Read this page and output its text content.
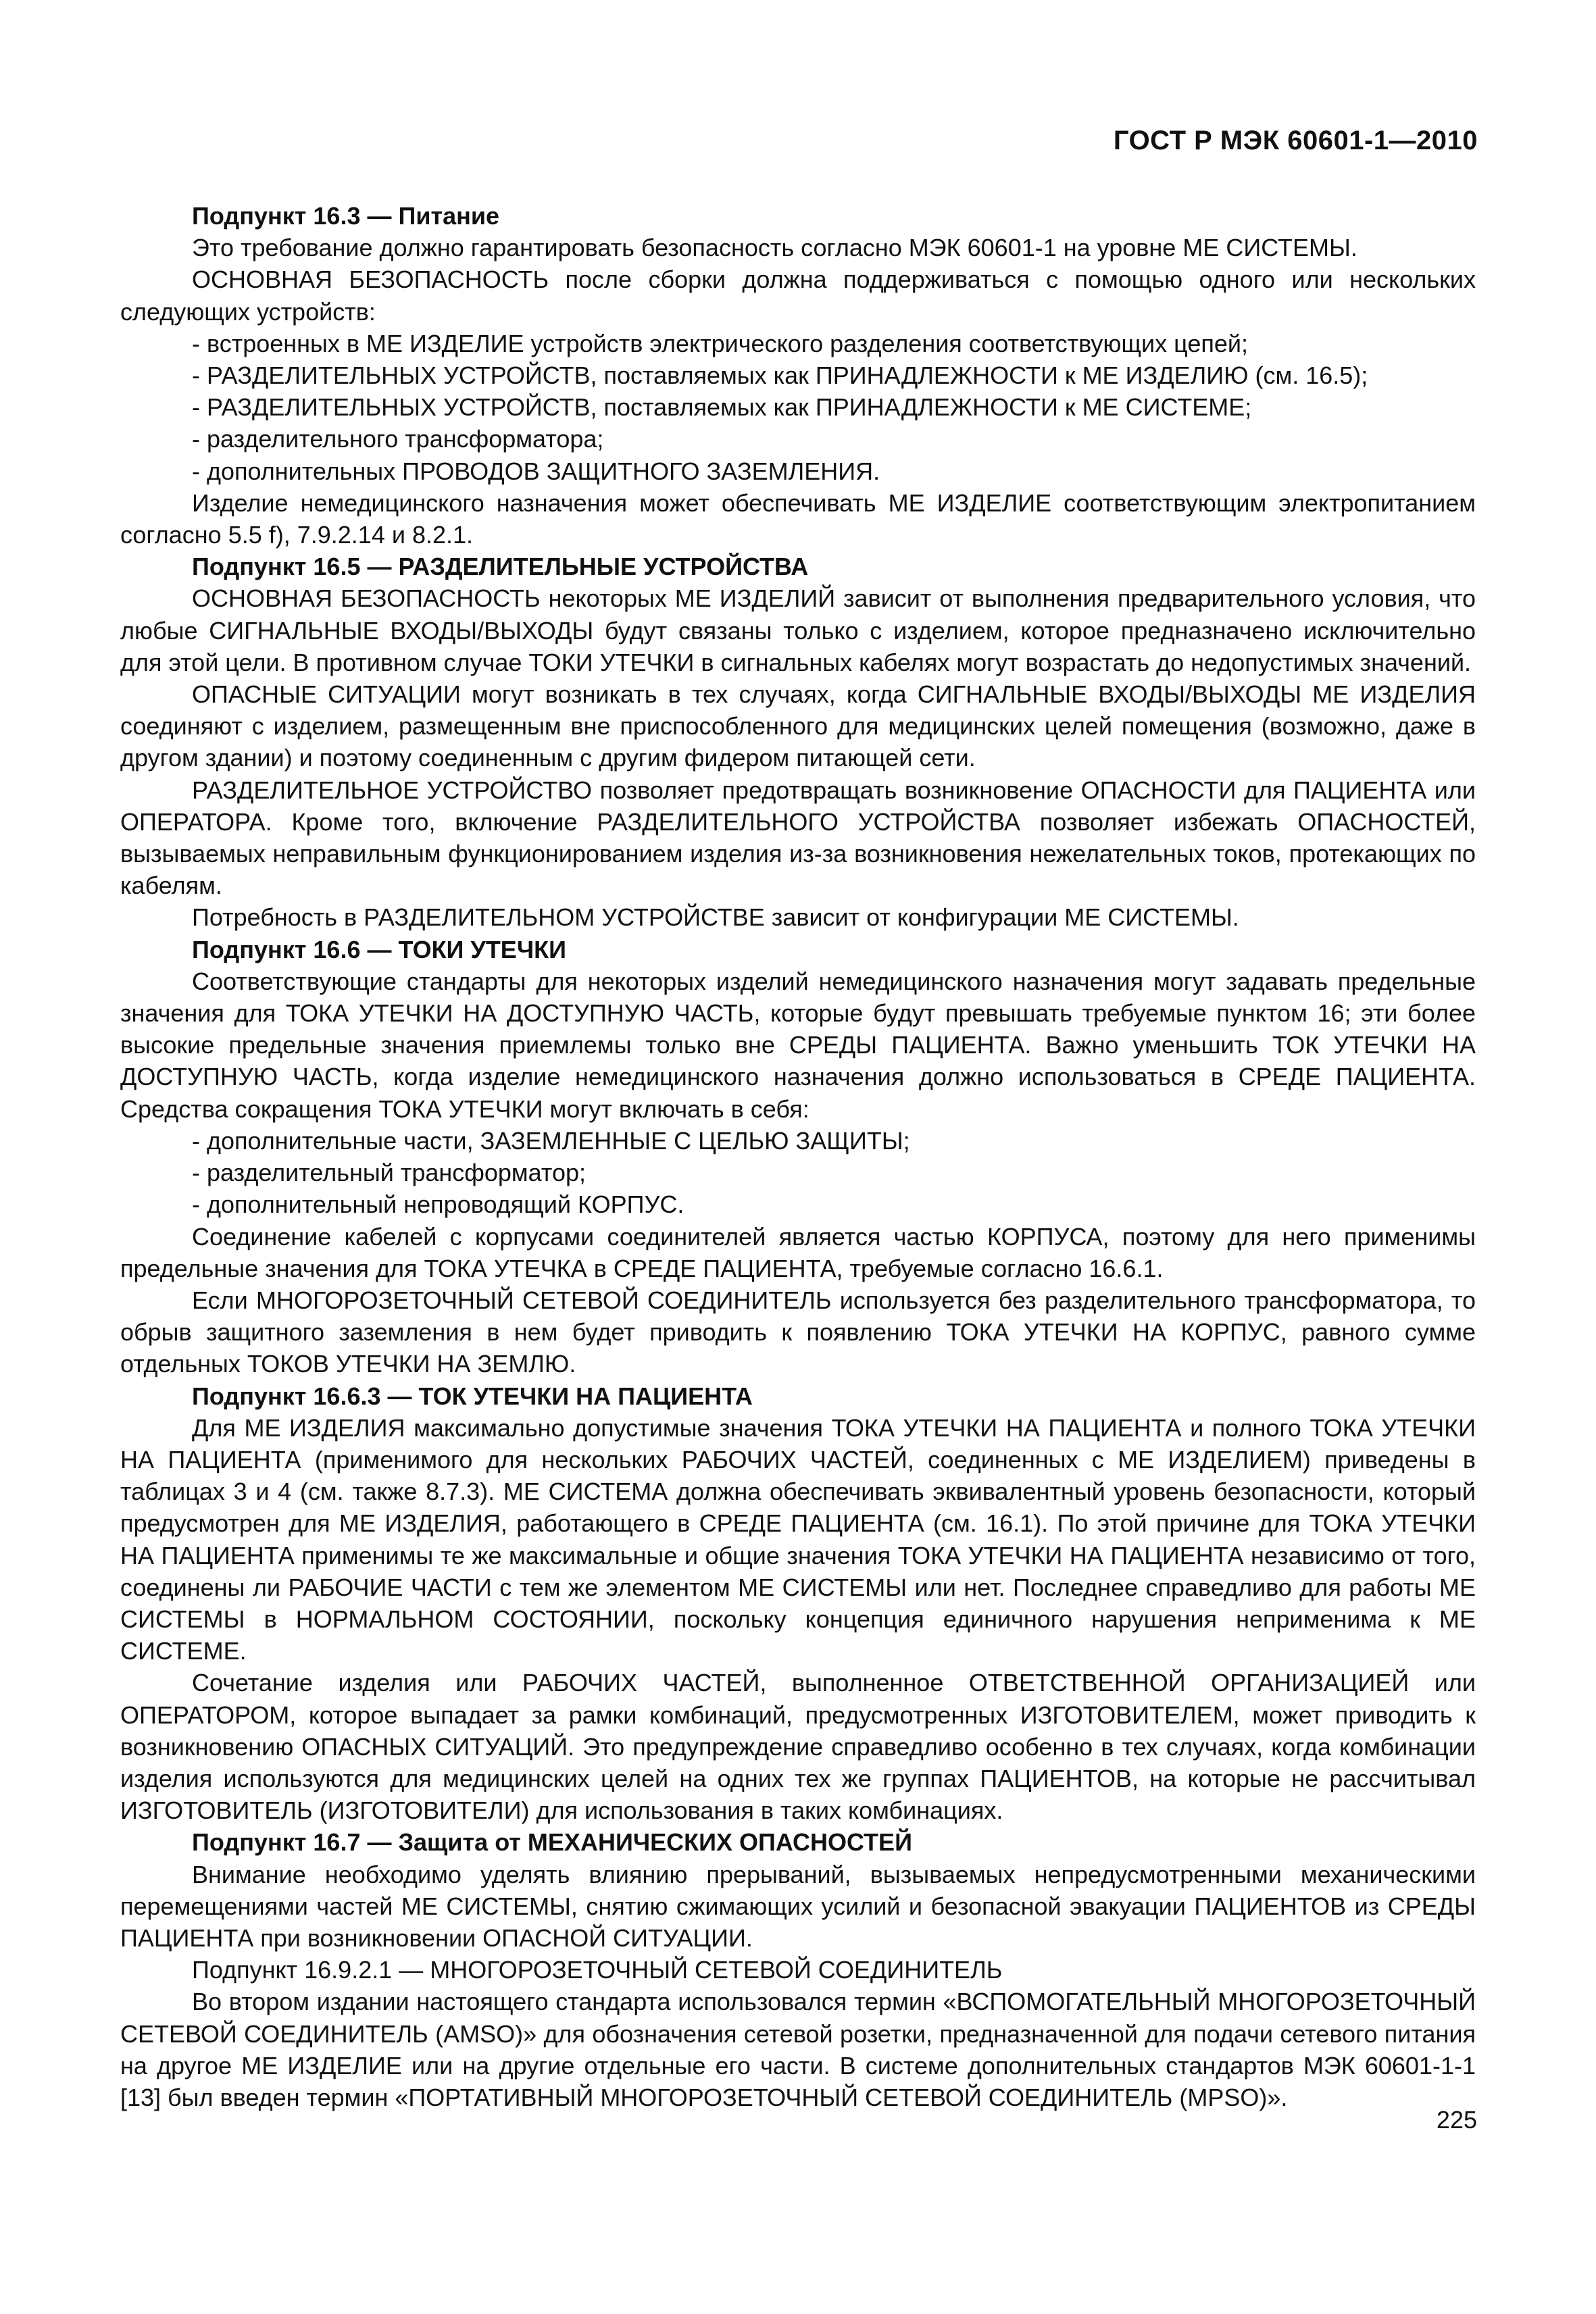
ГОСТ Р МЭК 60601-1—2010

Подпункт 16.3 — Питание

Это требование должно гарантировать безопасность согласно МЭК 60601-1 на уровне МЕ СИСТЕМЫ.

ОСНОВНАЯ БЕЗОПАСНОСТЬ после сборки должна поддерживаться с помощью одного или нескольких следующих устройств:

- встроенных в МЕ ИЗДЕЛИЕ устройств электрического разделения соответствующих цепей;

- РАЗДЕЛИТЕЛЬНЫХ УСТРОЙСТВ, поставляемых как ПРИНАДЛЕЖНОСТИ к МЕ ИЗДЕЛИЮ (см. 16.5);

- РАЗДЕЛИТЕЛЬНЫХ УСТРОЙСТВ, поставляемых как ПРИНАДЛЕЖНОСТИ к МЕ СИСТЕМЕ;

- разделительного трансформатора;

- дополнительных ПРОВОДОВ ЗАЩИТНОГО ЗАЗЕМЛЕНИЯ.

Изделие немедицинского назначения может обеспечивать МЕ ИЗДЕЛИЕ соответствующим электропитанием согласно 5.5 f), 7.9.2.14 и 8.2.1.

Подпункт 16.5 — РАЗДЕЛИТЕЛЬНЫЕ УСТРОЙСТВА

ОСНОВНАЯ БЕЗОПАСНОСТЬ некоторых МЕ ИЗДЕЛИЙ зависит от выполнения предварительного условия, что любые СИГНАЛЬНЫЕ ВХОДЫ/ВЫХОДЫ будут связаны только с изделием, которое предназначено исключительно для этой цели. В противном случае ТОКИ УТЕЧКИ в сигнальных кабелях могут возрастать до недопустимых значений.

ОПАСНЫЕ СИТУАЦИИ могут возникать в тех случаях, когда СИГНАЛЬНЫЕ ВХОДЫ/ВЫХОДЫ МЕ ИЗДЕЛИЯ соединяют с изделием, размещенным вне приспособленного для медицинских целей помещения (возможно, даже в другом здании) и поэтому соединенным с другим фидером питающей сети.

РАЗДЕЛИТЕЛЬНОЕ УСТРОЙСТВО позволяет предотвращать возникновение ОПАСНОСТИ для ПАЦИЕНТА или ОПЕРАТОРА. Кроме того, включение РАЗДЕЛИТЕЛЬНОГО УСТРОЙСТВА позволяет избежать ОПАСНОСТЕЙ, вызываемых неправильным функционированием изделия из-за возникновения нежелательных токов, протекающих по кабелям.

Потребность в РАЗДЕЛИТЕЛЬНОМ УСТРОЙСТВЕ зависит от конфигурации МЕ СИСТЕМЫ.

Подпункт 16.6 — ТОКИ УТЕЧКИ

Соответствующие стандарты для некоторых изделий немедицинского назначения могут задавать предельные значения для ТОКА УТЕЧКИ НА ДОСТУПНУЮ ЧАСТЬ, которые будут превышать требуемые пунктом 16; эти более высокие предельные значения приемлемы только вне СРЕДЫ ПАЦИЕНТА. Важно уменьшить ТОК УТЕЧКИ НА ДОСТУПНУЮ ЧАСТЬ, когда изделие немедицинского назначения должно использоваться в СРЕДЕ ПАЦИЕНТА. Средства сокращения ТОКА УТЕЧКИ могут включать в себя:

- дополнительные части, ЗАЗЕМЛЕННЫЕ С ЦЕЛЬЮ ЗАЩИТЫ;

- разделительный трансформатор;

- дополнительный непроводящий КОРПУС.

Соединение кабелей с корпусами соединителей является частью КОРПУСА, поэтому для него применимы предельные значения для ТОКА УТЕЧКА в СРЕДЕ ПАЦИЕНТА, требуемые согласно 16.6.1.

Если МНОГОРОЗЕТОЧНЫЙ СЕТЕВОЙ СОЕДИНИТЕЛЬ используется без разделительного трансформатора, то обрыв защитного заземления в нем будет приводить к появлению ТОКА УТЕЧКИ НА КОРПУС, равного сумме отдельных ТОКОВ УТЕЧКИ НА ЗЕМЛЮ.

Подпункт 16.6.3 — ТОК УТЕЧКИ НА ПАЦИЕНТА

Для МЕ ИЗДЕЛИЯ максимально допустимые значения ТОКА УТЕЧКИ НА ПАЦИЕНТА и полного ТОКА УТЕЧКИ НА ПАЦИЕНТА (применимого для нескольких РАБОЧИХ ЧАСТЕЙ, соединенных с МЕ ИЗДЕЛИЕМ) приведены в таблицах 3 и 4 (см. также 8.7.3). МЕ СИСТЕМА должна обеспечивать эквивалентный уровень безопасности, который предусмотрен для МЕ ИЗДЕЛИЯ, работающего в СРЕДЕ ПАЦИЕНТА (см. 16.1). По этой причине для ТОКА УТЕЧКИ НА ПАЦИЕНТА применимы те же максимальные и общие значения ТОКА УТЕЧКИ НА ПАЦИЕНТА независимо от того, соединены ли РАБОЧИЕ ЧАСТИ с тем же элементом МЕ СИСТЕМЫ или нет. Последнее справедливо для работы МЕ СИСТЕМЫ в НОРМАЛЬНОМ СОСТОЯНИИ, поскольку концепция единичного нарушения неприменима к МЕ СИСТЕМЕ.

Сочетание изделия или РАБОЧИХ ЧАСТЕЙ, выполненное ОТВЕТСТВЕННОЙ ОРГАНИЗАЦИЕЙ или ОПЕРАТОРОМ, которое выпадает за рамки комбинаций, предусмотренных ИЗГОТОВИТЕЛЕМ, может приводить к возникновению ОПАСНЫХ СИТУАЦИЙ. Это предупреждение справедливо особенно в тех случаях, когда комбинации изделия используются для медицинских целей на одних тех же группах ПАЦИЕНТОВ, на которые не рассчитывал ИЗГОТОВИТЕЛЬ (ИЗГОТОВИТЕЛИ) для использования в таких комбинациях.

Подпункт 16.7 — Защита от МЕХАНИЧЕСКИХ ОПАСНОСТЕЙ

Внимание необходимо уделять влиянию прерываний, вызываемых непредусмотренными механическими перемещениями частей МЕ СИСТЕМЫ, снятию сжимающих усилий и безопасной эвакуации ПАЦИЕНТОВ из СРЕДЫ ПАЦИЕНТА при возникновении ОПАСНОЙ СИТУАЦИИ.

Подпункт 16.9.2.1 — МНОГОРОЗЕТОЧНЫЙ СЕТЕВОЙ СОЕДИНИТЕЛЬ

Во втором издании настоящего стандарта использовался термин «ВСПОМОГАТЕЛЬНЫЙ МНОГОРОЗЕТОЧНЫЙ СЕТЕВОЙ СОЕДИНИТЕЛЬ (AMSO)» для обозначения сетевой розетки, предназначенной для подачи сетевого питания на другое МЕ ИЗДЕЛИЕ или на другие отдельные его части. В системе дополнительных стандартов МЭК 60601-1-1 [13] был введен термин «ПОРТАТИВНЫЙ МНОГОРОЗЕТОЧНЫЙ СЕТЕВОЙ СОЕДИНИТЕЛЬ (MPSO)».

225
